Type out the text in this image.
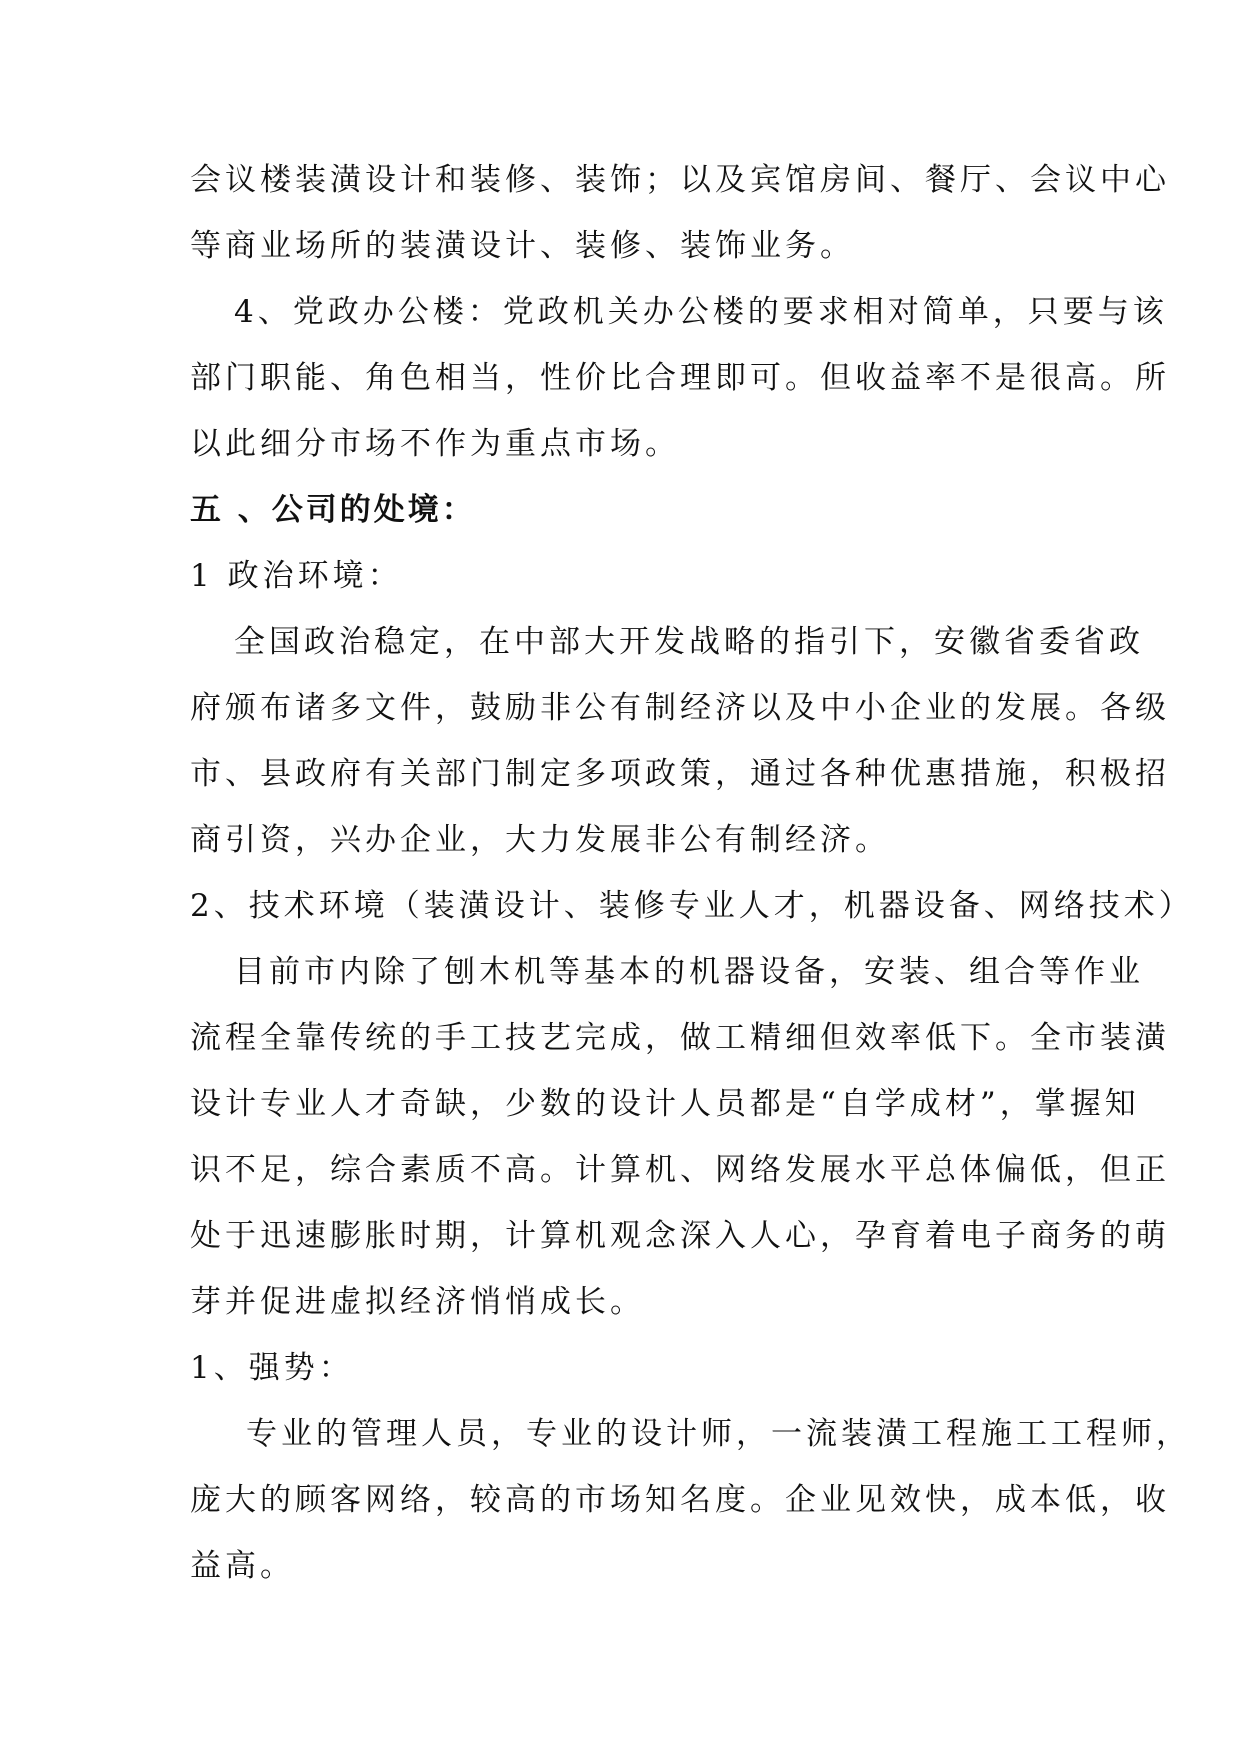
会议楼装潢设计和装修、装饰；以及宾馆房间、餐厅、会议中心
等商业场所的装潢设计、装修、装饰业务。
4、党政办公楼：党政机关办公楼的要求相对简单，只要与该
部门职能、角色相当，性价比合理即可。但收益率不是很高。所
以此细分市场不作为重点市场。
五 、公司的处境：
1 政治环境：
全国政治稳定，在中部大开发战略的指引下，安徽省委省政
府颁布诸多文件，鼓励非公有制经济以及中小企业的发展。各级
市、县政府有关部门制定多项政策，通过各种优惠措施，积极招
商引资，兴办企业，大力发展非公有制经济。
2、技术环境（装潢设计、装修专业人才，机器设备、网络技术）
目前市内除了刨木机等基本的机器设备，安装、组合等作业
流程全靠传统的手工技艺完成，做工精细但效率低下。全市装潢
设计专业人才奇缺，少数的设计人员都是“自学成材”，掌握知
识不足，综合素质不高。计算机、网络发展水平总体偏低，但正
处于迅速膨胀时期，计算机观念深入人心，孕育着电子商务的萌
芽并促进虚拟经济悄悄成长。
1、强势：
专业的管理人员，专业的设计师，一流装潢工程施工工程师，
庞大的顾客网络，较高的市场知名度。企业见效快，成本低，收
益高。
